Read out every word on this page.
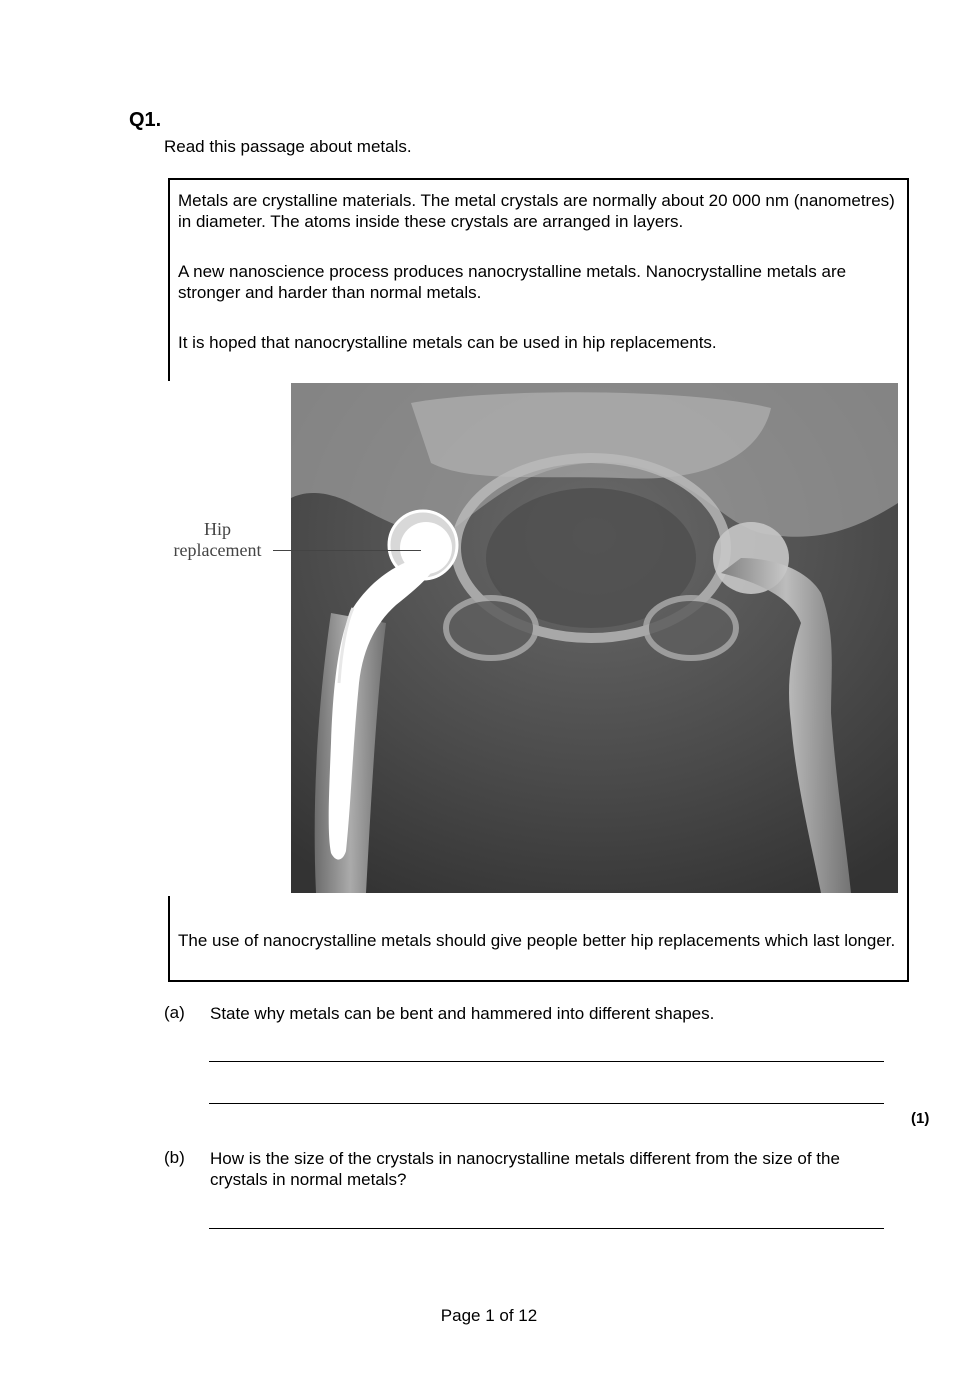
Q1.
Read this passage about metals.
Metals are crystalline materials. The metal crystals are normally about 20 000 nm (nanometres) in diameter. The atoms inside these crystals are arranged in layers.
A new nanoscience process produces nanocrystalline metals. Nanocrystalline metals are stronger and harder than normal metals.
It is hoped that nanocrystalline metals can be used in hip replacements.
Hip
replacement
The use of nanocrystalline metals should give people better hip replacements which last longer.
(a) State why metals can be bent and hammered into different shapes.
(1)
(b) How is the size of the crystals in nanocrystalline metals different from the size of the crystals in normal metals?
Page 1 of 12
